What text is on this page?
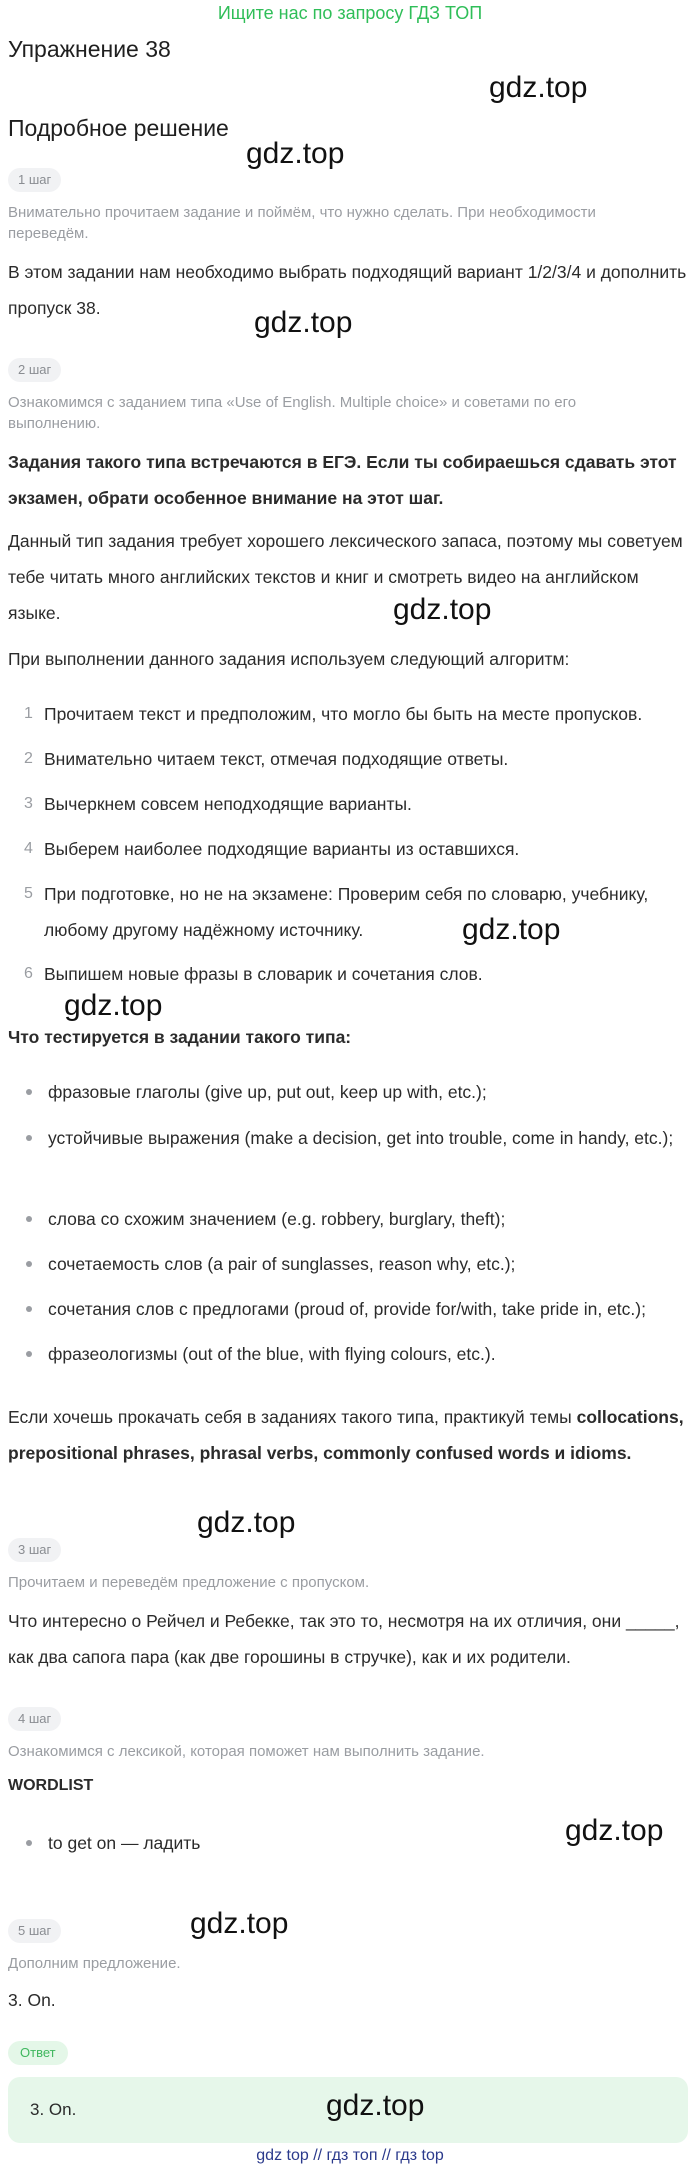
Ищите нас по запросу ГДЗ ТОП
Упражнение 38
gdz.top
Подробное решение
gdz.top
1 шаг
Внимательно прочитаем задание и поймём, что нужно сделать. При необходимости переведём.
В этом задании нам необходимо выбрать подходящий вариант 1/2/3/4 и дополнить пропуск 38.	gdz.top
2 шаг
Ознакомимся с заданием типа «Use of English. Multiple choice» и советами по его выполнению.
Задания такого типа встречаются в ЕГЭ. Если ты собираешься сдавать этот экзамен, обрати особенное внимание на этот шаг.
Данный тип задания требует хорошего лексического запаса, поэтому мы советуем тебе читать много английских текстов и книг и смотреть видео на английском языке.	gdz.top
При выполнении данного задания используем следующий алгоритм:
1 Прочитаем текст и предположим, что могло бы быть на месте пропусков.
2 Внимательно читаем текст, отмечая подходящие ответы.
3 Вычеркнем совсем неподходящие варианты.
4 Выберем наиболее подходящие варианты из оставшихся.
5 При подготовке, но не на экзамене: Проверим себя по словарю, учебнику, любому другому надёжному источнику.	gdz.top
6 Выпишем новые фразы в словарик и сочетания слов.
gdz.top
Что тестируется в задании такого типа:
фразовые глаголы (give up, put out, keep up with, etc.);
устойчивые выражения (make a decision, get into trouble, come in handy, etc.);
слова со схожим значением (e.g. robbery, burglary, theft);
сочетаемость слов (a pair of sunglasses, reason why, etc.);
сочетания слов с предлогами (proud of, provide for/with, take pride in, etc.);
фразеологизмы (out of the blue, with flying colours, etc.).
Если хочешь прокачать себя в заданиях такого типа, практикуй темы collocations, prepositional phrases, phrasal verbs, commonly confused words и idioms.
gdz.top
3 шаг
Прочитаем и переведём предложение с пропуском.
Что интересно о Рейчел и Ребекке, так это то, несмотря на их отличия, они _____, как два сапога пара (как две горошины в стручке), как и их родители.
4 шаг
Ознакомимся с лексикой, которая поможет нам выполнить задание.
WORDLIST
gdz.top
to get on — ладить
gdz.top
5 шаг
Дополним предложение.
3. On.
Ответ
3. On.	gdz.top
gdz top // гдз топ // гдз top
